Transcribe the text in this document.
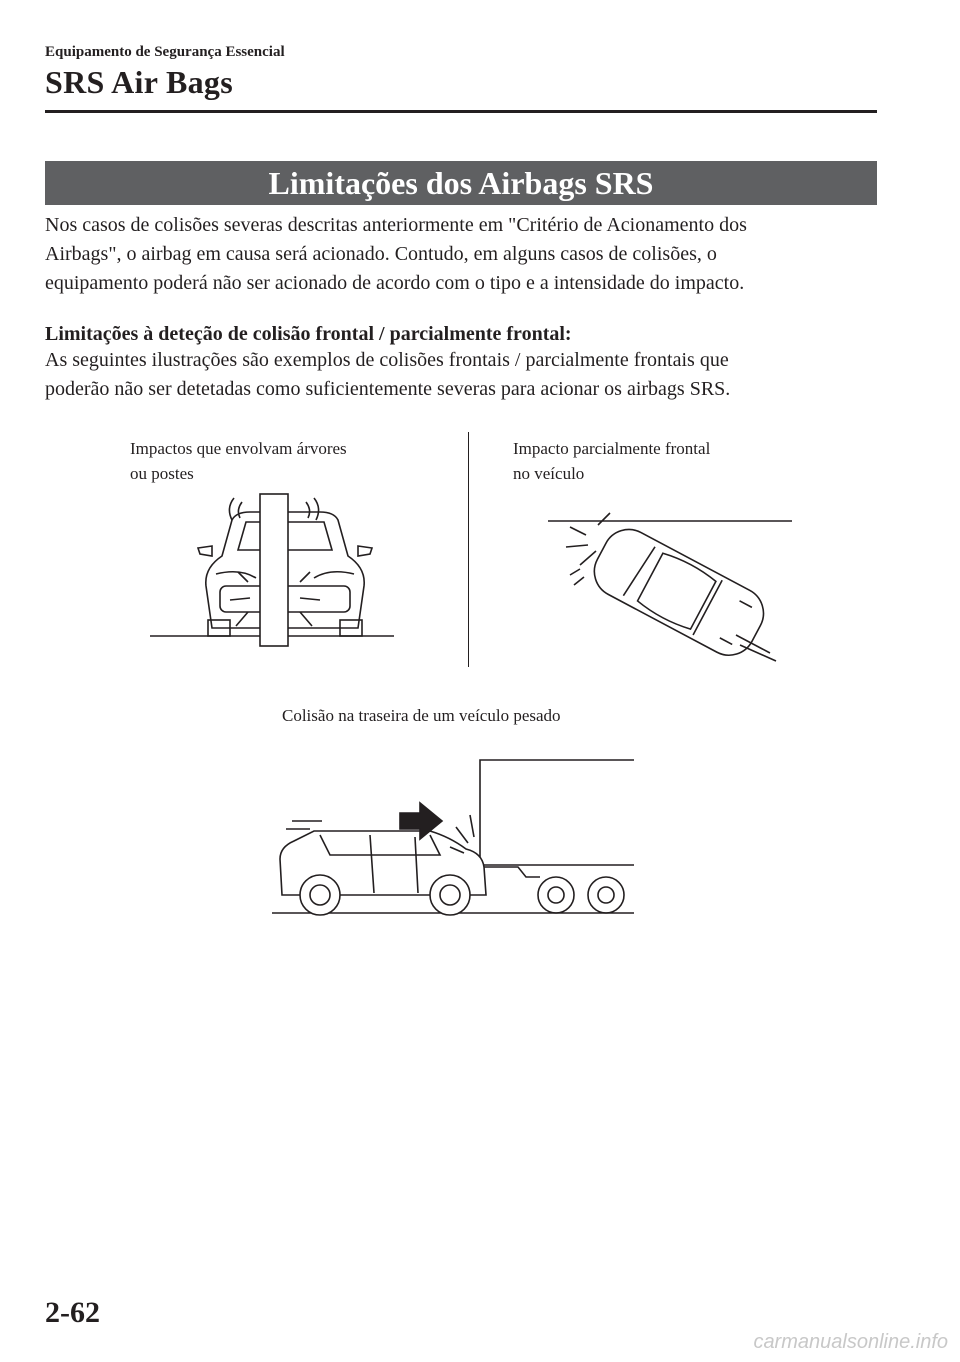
Equipamento de Segurança Essencial
SRS Air Bags
Limitações dos Airbags SRS
Nos casos de colisões severas descritas anteriormente em "Critério de Acionamento dos
Airbags", o airbag em causa será acionado. Contudo, em alguns casos de colisões, o
equipamento poderá não ser acionado de acordo com o tipo e a intensidade do impacto.
Limitações à deteção de colisão frontal / parcialmente frontal:
As seguintes ilustrações são exemplos de colisões frontais / parcialmente frontais que
poderão não ser detetadas como suficientemente severas para acionar os airbags SRS.
Impactos que envolvam árvores
ou postes
Impacto parcialmente frontal
no veículo
Colisão na traseira de um veículo pesado
2-62
carmanualsonline.info
